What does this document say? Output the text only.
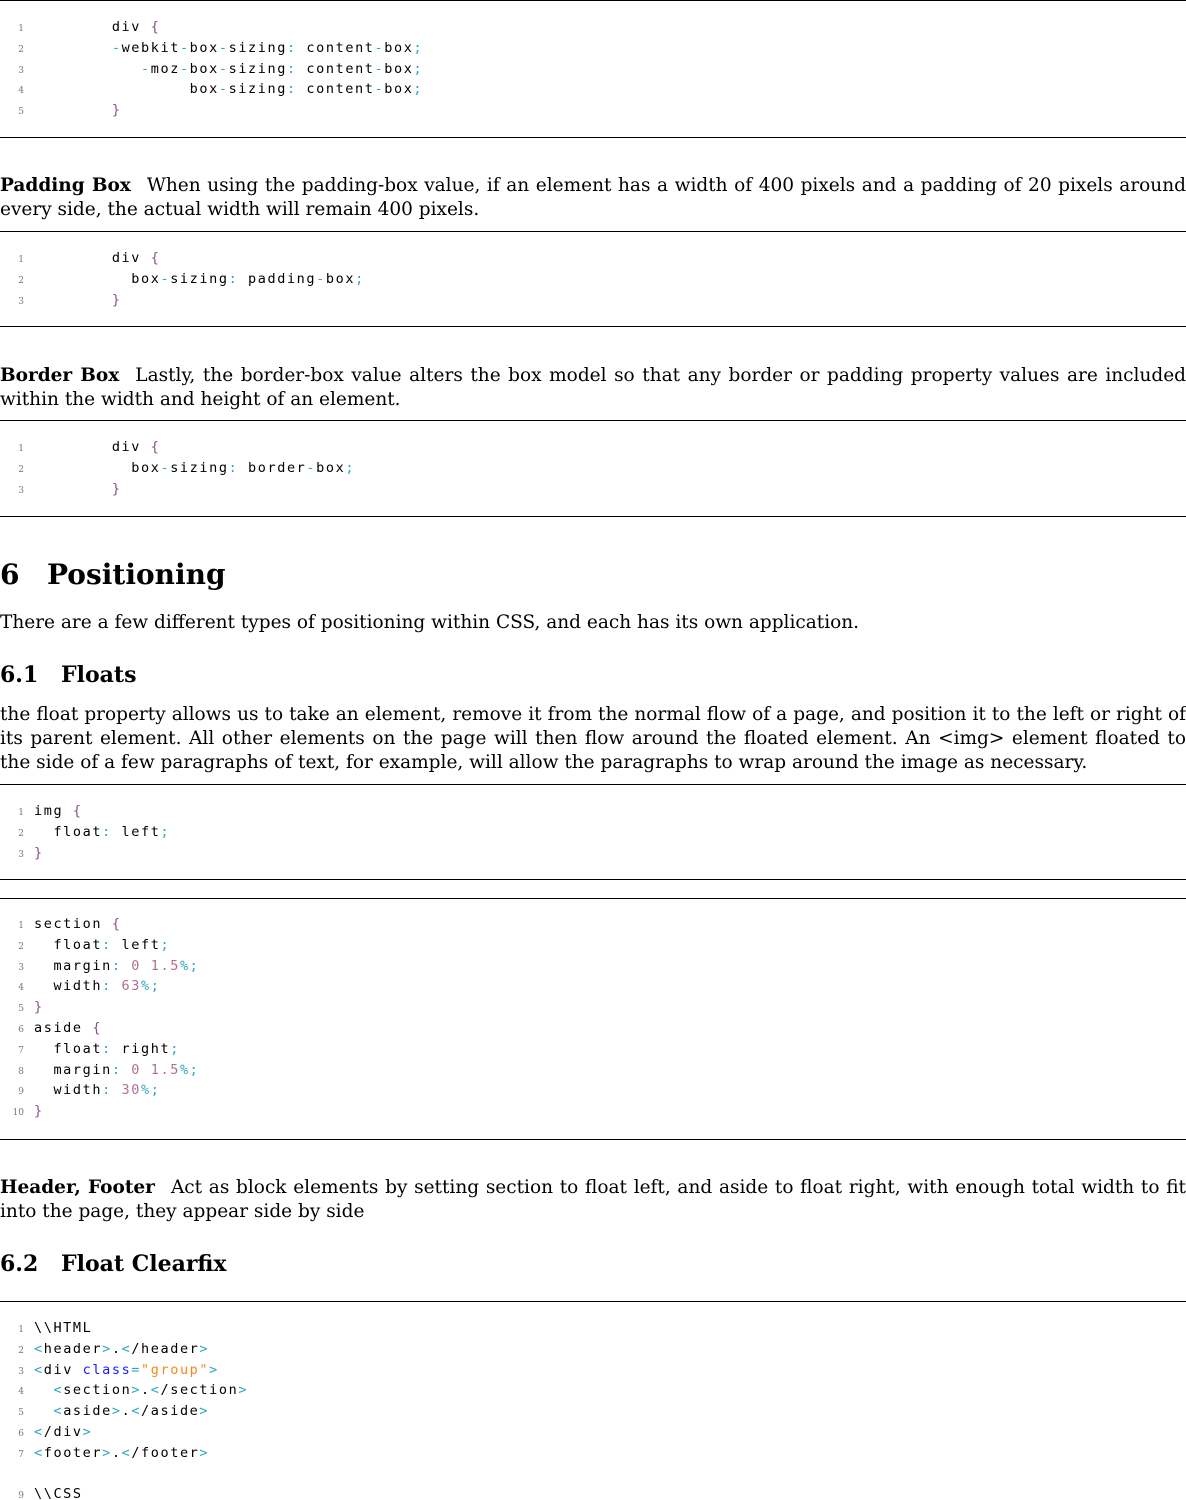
1        div {
2	-webkit-box-sizing: content-box;
3	-moz-box-sizing: content-box;
4                box-sizing: content-box;
5	}

Padding Box When using the padding-box value, if an element has a width of 400 pixels and a padding of 20 pixels around every side, the actual width will remain 400 pixels.

1        div {
2          box-sizing: padding-box;
3	}

Border Box Lastly, the border-box value alters the box model so that any border or padding property values are included within the width and height of an element.

1        div {
2          box-sizing: border-box;
3	}
6 Positioning

There are a few different types of positioning within CSS, and each has its own application.

6.1 Floats

the float property allows us to take an element, remove it from the normal flow of a page, and position it to the left or right of its parent element. All other elements on the page will then flow around the floated element. An <img> element floated to the side of a few paragraphs of text, for example, will allow the paragraphs to wrap around the image as necessary.

1 img {
2  float: left;
3 }
1 section {
2  float: left;
3  margin: 0 1.5%;
4  width: 63%;
5 }
6 aside {
7  float: right;
8  margin: 0 1.5%;
9  width: 30%;
10 }

Header, Footer Act as block elements by setting section to float left, and aside to float right, with enough total width to fit into the page, they appear side by side

6.2 Float Clearfix
1 \\HTML
2 <header>.</header>
3 <div class="group">
4 <section>.</section>
5 <aside>.</aside>
6 </div>
7 <footer>.</footer>
9 \\CSS
